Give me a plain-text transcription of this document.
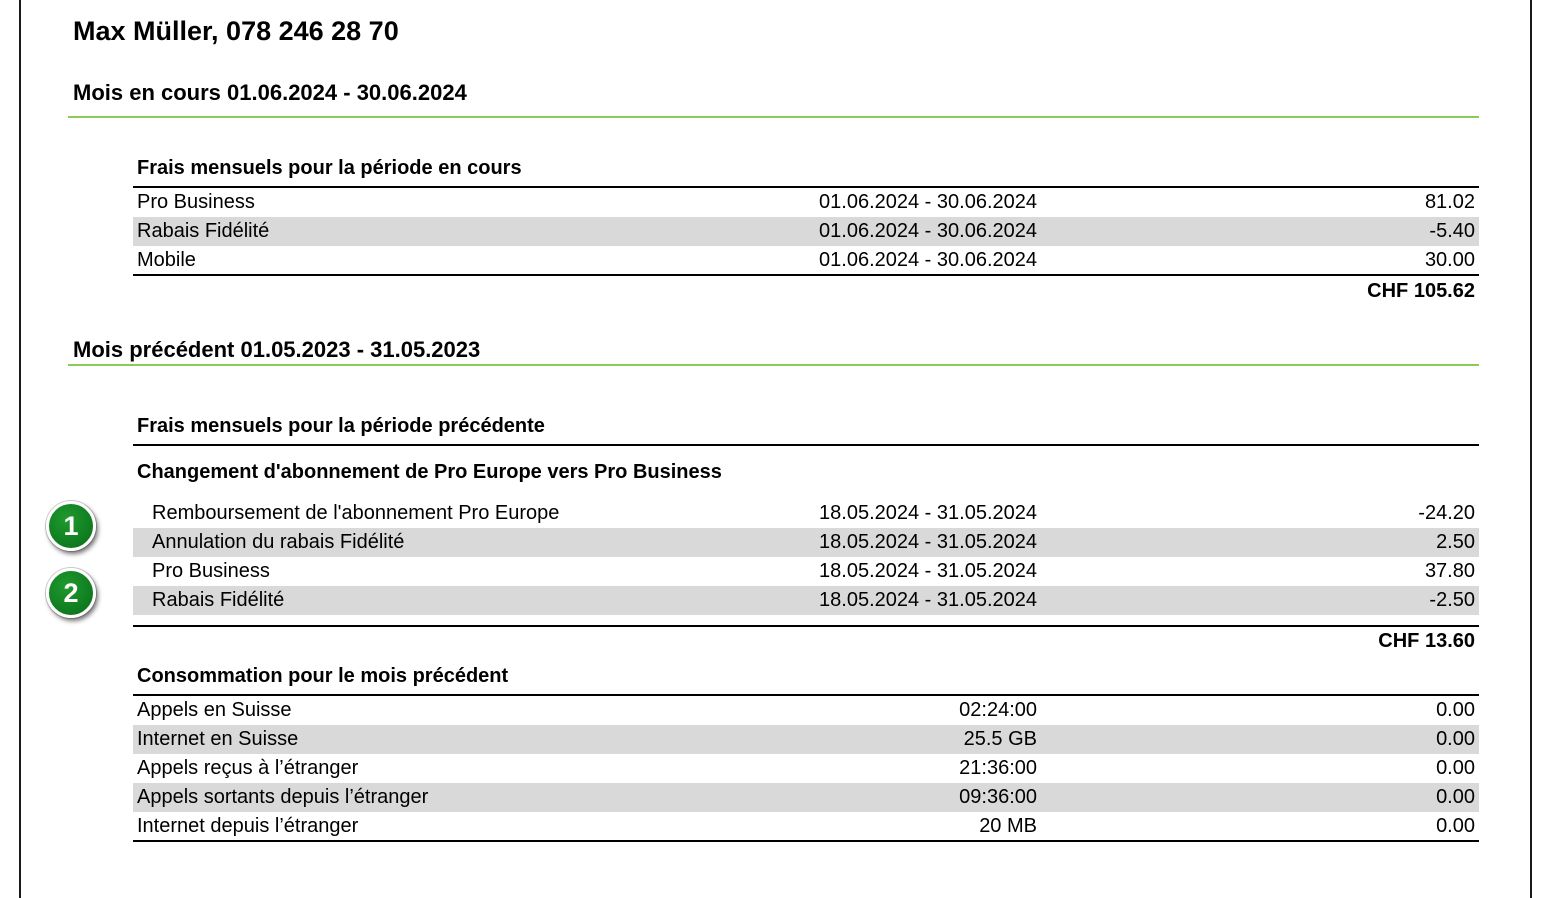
Max Müller, 078 246 28 70
Mois en cours 01.06.2024 - 30.06.2024
Frais mensuels pour la période en cours
Pro Business	01.06.2024 - 30.06.2024	81.02
Rabais Fidélité	01.06.2024 - 30.06.2024	-5.40
Mobile	01.06.2024 - 30.06.2024	30.00
CHF 105.62
Mois précédent 01.05.2023 - 31.05.2023
Frais mensuels pour la période précédente
Changement d'abonnement de Pro Europe vers Pro Business
1
2
Remboursement de l'abonnement Pro Europe	18.05.2024 - 31.05.2024	-24.20
Annulation du rabais Fidélité	18.05.2024 - 31.05.2024	2.50
Pro Business	18.05.2024 - 31.05.2024	37.80
Rabais Fidélité	18.05.2024 - 31.05.2024	-2.50
CHF 13.60
Consommation pour le mois précédent
Appels en Suisse	02:24:00	0.00
Internet en Suisse	25.5 GB	0.00
Appels reçus à l’étranger	21:36:00	0.00
Appels sortants depuis l’étranger	09:36:00	0.00
Internet depuis l’étranger	20 MB	0.00
